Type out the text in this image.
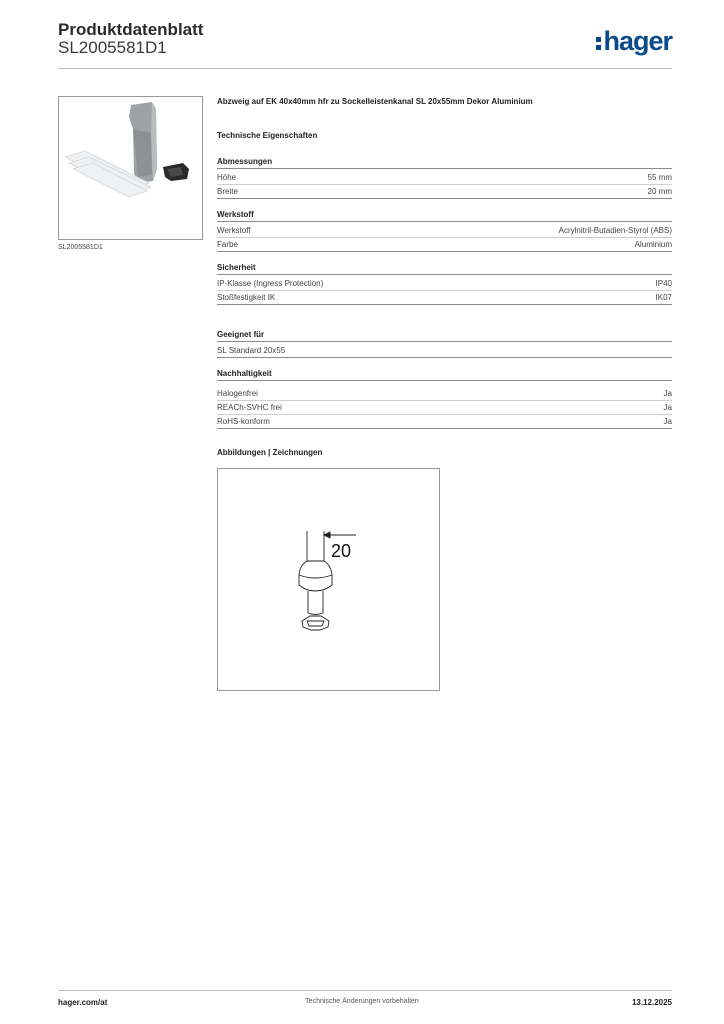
Produktdatenblatt
SL2005581D1	hager
SL2005581D1
Abzweig auf EK 40x40mm hfr zu Sockelleistenkanal SL 20x55mm Dekor Aluminium
Technische Eigenschaften
Abmessungen
Höhe	55 mm
Breite	20 mm
Werkstoff
Werkstoff	Acrylnitril-Butadien-Styrol (ABS)
Farbe	Aluminium
Sicherheit
IP-Klasse (Ingress Protection)	IP40
Stoßfestigkeit IK	IK07
Geeignet für
SL Standard 20x55
Nachhaltigkeit
Halogenfrei	Ja
REACh-SVHC frei	Ja
RoHS-konform	Ja
Abbildungen | Zeichnungen
20
hager.com/at	Technische Änderungen vorbehalten	13.12.2025
